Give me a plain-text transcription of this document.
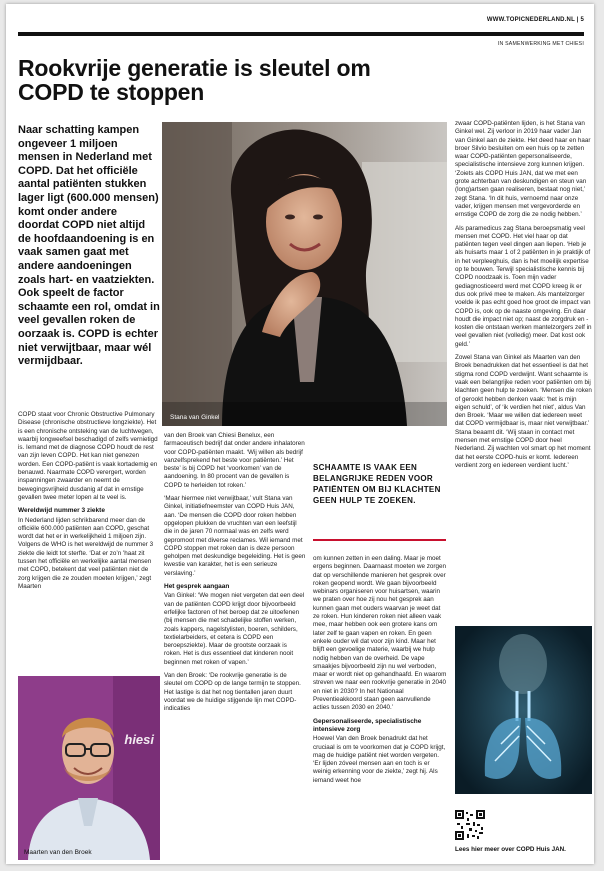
WWW.TOPICNEDERLAND.NL | 5
IN SAMENWERKING MET CHIESI
Rookvrije generatie is sleutel om COPD te stoppen
Naar schatting kampen ongeveer 1 miljoen mensen in Nederland met COPD. Dat het officiële aantal patiënten stukken lager ligt (600.000 mensen) komt onder andere doordat COPD niet altijd de hoofdaandoening is en vaak samen gaat met andere aandoeningen zoals hart- en vaatziekten. Ook speelt de factor schaamte een rol, omdat in veel gevallen roken de oorzaak is. COPD is echter niet verwijtbaar, maar wél vermijdbaar.

COPD staat voor Chronic Obstructive Pulmonary Disease (chronische obstructieve longziekte). Het is een chronische ontsteking van de luchtwegen, waarbij longweefsel beschadigd of zelfs vernietigd is. Iemand met de diagnose COPD houdt de rest van zijn leven COPD. Het kan niet genezen worden. Een COPD-patiënt is vaak kortademig en benauwd. Naarmate COPD verergert, worden inspanningen zwaarder en neemt de bewegingsvrijheid dusdanig af dat in ernstige gevallen twee meter lopen al te veel is.

Wereldwijd nummer 3 ziekte

In Nederland lijden schrikbarend meer dan de officiële 600.000 patiënten aan COPD, geschat wordt dat het er in werkelijkheid 1 miljoen zijn. Volgens de WHO is het wereldwijd de nummer 3 ziekte die leidt tot sterfte. ‘Dat er zo’n 'haat zit tussen het officiële en werkelijke aantal mensen met COPD, betekent dat veel patiënten niet de zorg krijgen die ze zouden moeten krijgen,’ zegt Maarten

Stana van Ginkel

van den Broek van Chiesi Benelux, een farmaceutisch bedrijf dat onder andere inhalatoren voor COPD-patiënten maakt. ‘Wij willen als bedrijf vanzelfsprekend het beste voor patiënten.’ Het beste’ is bij COPD het ‘voorkomen’ van de aandoening. In 80 procent van de gevallen is COPD te herleiden tot roken.’

‘Maar hiermee niet verwijtbaar,’ vult Stana van Ginkel, initiatiefneemster van COPD Huis JAN, aan. ‘De mensen die COPD door roken hebben opgelopen plukken de vruchten van een leefstijl die in de jaren 70 normaal was en zelfs werd gepromoot met diverse reclames. Wil iemand met COPD stoppen met roken dan is deze persoon geholpen met deskundige begeleiding. Het is geen kwestie van karakter, het is een serieuze verslaving.’

Het gesprek aangaan

Van Ginkel: ‘We mogen niet vergeten dat een deel van de patiënten COPD krijgt door bijvoorbeeld erfelijke factoren of het beroep dat ze uitoefenen (bij mensen die met schadelijke stoffen werken, zoals kappers, nagelstylisten, boeren, schilders, textielarbeiders, et cetera is COPD een beroepsziekte). Maar de grootste oorzaak is roken. Het is dus essentieel dat kinderen nooit beginnen met roken of vapen.’

Van den Broek: ‘De rookvrije generatie is de sleutel om COPD op de lange termijn te stoppen. Het lastige is dat het nog tientallen jaren duurt voordat we de huidige stijgende lijn met COPD-indicaties

SCHAAMTE IS VAAK EEN BELANGRIJKE REDEN VOOR PATIËNTEN OM BIJ KLACHTEN GEEN HULP TE ZOEKEN.

om kunnen zetten in een daling. Maar je moet ergens beginnen. Daarnaast moeten we zorgen dat op verschillende manieren het gesprek over roken geopend wordt. We gaan bijvoorbeeld webinars organiseren voor huisartsen, waarin we praten over hoe zij nou het gesprek aan kunnen gaan met ouders waarvan je weet dat ze roken. Hun kinderen roken niet alleen vaak mee, maar hebben ook een grotere kans om later zelf te gaan vapen en roken. En geen enkele ouder wil dat voor zijn kind. Maar het blijft een gevoelige materie, waarbij we hulp nodig hebben van de overheid. De vape smaakjes bijvoorbeeld zijn nu wel verboden, maar er wordt niet op gehandhaafd. En waarom streven we naar een rookvrije generatie in 2040 en niet in 2030? In het Nationaal Preventieakkoord staan geen aanvullende acties tussen 2030 en 2040.’

Gepersonaliseerde, specialistische intensieve zorg

Hoewel Van den Broek benadrukt dat het cruciaal is om te voorkomen dat je COPD krijgt, mag de huidige patiënt niet worden vergeten. ‘Er lijden zóveel mensen aan en toch is er weinig erkenning voor de ziekte,’ zegt hij. Als iemand weet hoe

zwaar COPD-patiënten lijden, is het Stana van Ginkel wel. Zij verloor in 2019 haar vader Jan van Ginkel aan de ziekte. Het deed haar en haar broer Silvio besluiten om een huis op te zetten waar COPD-patiënten gepersonaliseerde, specialistische intensieve zorg kunnen krijgen. ‘Zoiets als COPD Huis JAN, dat we met een grote achterban van deskundigen en steun van (long)artsen gaan realiseren, bestaat nog niet,’ zegt Stana. ‘In dit huis, vernoemd naar onze vader, krijgen mensen met vergevorderde en ernstige COPD de zorg die ze nodig hebben.’

Als paramedicus zag Stana beroepsmatig veel mensen met COPD. Het viel haar op dat patiënten tegen veel dingen aan liepen. ‘Heb je als huisarts maar 1 of 2 patiënten in je praktijk of in het verpleeghuis, dan is het moeilijk expertise op te bouwen. Terwijl specialistische kennis bij COPD noodzaak is. Toen mijn vader gediagnosticeerd werd met COPD kreeg ik er dus ook privé mee te maken. Als mantelzorger voelde ik pas echt goed hoe groot de impact van COPD is, ook op de naaste omgeving. En daar houdt die impact niet op; naast de zorgdruk en -kosten die ontstaan werken mantelzorgers zelf in veel gevallen niet (volledig) meer. Dat kost ook geld.’

Zowel Stana van Ginkel als Maarten van den Broek benadrukken dat het essentieel is dat het stigma rond COPD verdwijnt. Want schaamte is vaak een belangrijke reden voor patiënten om bij klachten geen hulp te zoeken. ‘Mensen die roken of gerookt hebben denken vaak: ‘het is mijn eigen schuld’, of ‘ik verdien het niet’, aldus Van den Broek. ‘Maar we willen dat iedereen weet dat COPD vermijdbaar is, maar niet verwijtbaar.’ Stana beaamt dit. ‘Wij staan in contact met mensen met ernstige COPD door heel Nederland. Zij wachten vol smart op het moment dat het eerste COPD-huis er komt. Iedereen verdient zorg en iedereen verdient lucht.’

hiesi
Maarten van den Broek	Lees hier meer over COPD Huis JAN.
